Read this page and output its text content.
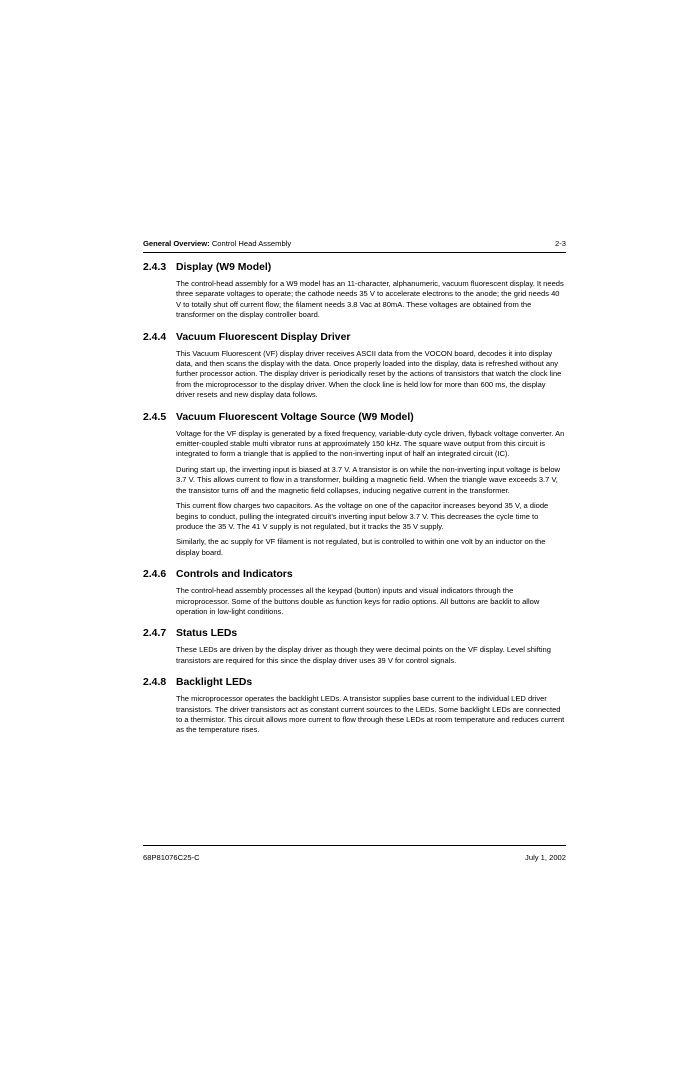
General Overview: Control Head Assembly	2-3
2.4.3 Display (W9 Model)

The control-head assembly for a W9 model has an 11-character, alphanumeric, vacuum fluorescent display. It needs three separate voltages to operate; the cathode needs 35 V to accelerate electrons to the anode; the grid needs 40 V to totally shut off current flow; the filament needs 3.8 Vac at 80mA. These voltages are obtained from the transformer on the display controller board.

2.4.4 Vacuum Fluorescent Display Driver

This Vacuum Fluorescent (VF) display driver receives ASCII data from the VOCON board, decodes it into display data, and then scans the display with the data. Once properly loaded into the display, data is refreshed without any further processor action. The display driver is periodically reset by the actions of transistors that watch the clock line from the microprocessor to the display driver. When the clock line is held low for more than 600 ms, the display driver resets and new display data follows.

2.4.5 Vacuum Fluorescent Voltage Source (W9 Model)

Voltage for the VF display is generated by a fixed frequency, variable-duty cycle driven, flyback voltage converter. An emitter-coupled stable multi vibrator runs at approximately 150 kHz. The square wave output from this circuit is integrated to form a triangle that is applied to the non-inverting input of half an integrated circuit (IC).

During start up, the inverting input is biased at 3.7 V. A transistor is on while the non-inverting input voltage is below 3.7 V. This allows current to flow in a transformer, building a magnetic field. When the triangle wave exceeds 3.7 V, the transistor turns off and the magnetic field collapses, inducing negative current in the transformer.

This current flow charges two capacitors. As the voltage on one of the capacitor increases beyond 35 V, a diode begins to conduct, pulling the integrated circuit’s inverting input below 3.7 V. This decreases the cycle time to produce the 35 V. The 41 V supply is not regulated, but it tracks the 35 V supply.

Similarly, the ac supply for VF filament is not regulated, but is controlled to within one volt by an inductor on the display board.

2.4.6 Controls and Indicators

The control-head assembly processes all the keypad (button) inputs and visual indicators through the microprocessor. Some of the buttons double as function keys for radio options. All buttons are backlit to allow operation in low-light conditions.

2.4.7 Status LEDs

These LEDs are driven by the display driver as though they were decimal points on the VF display. Level shifting transistors are required for this since the display driver uses 39 V for control signals.

2.4.8 Backlight LEDs

The microprocessor operates the backlight LEDs. A transistor supplies base current to the individual LED driver transistors. The driver transistors act as constant current sources to the LEDs. Some backlight LEDs are connected to a thermistor. This circuit allows more current to flow through these LEDs at room temperature and reduces current as the temperature rises.

68P81076C25-C	July 1, 2002
